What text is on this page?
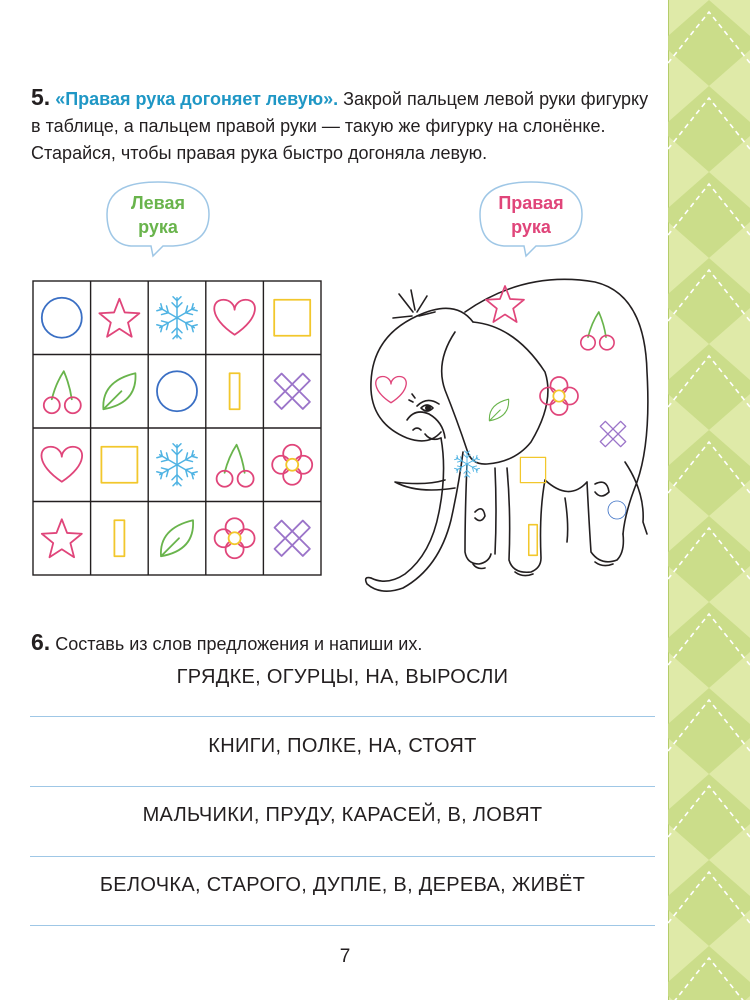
5. «Правая рука догоняет левую». Закрой пальцем левой руки фигурку в таблице, а пальцем правой руки — такую же фигурку на слонёнке. Старайся, чтобы правая рука быстро догоняла левую.
Левая
рука
Правая
рука
6. Составь из слов предложения и напиши их.
ГРЯДКЕ, ОГУРЦЫ, НА, ВЫРОСЛИ
КНИГИ, ПОЛКЕ, НА, СТОЯТ
МАЛЬЧИКИ, ПРУДУ, КАРАСЕЙ, В, ЛОВЯТ
БЕЛОЧКА, СТАРОГО, ДУПЛЕ, В, ДЕРЕВА, ЖИВЁТ
7
